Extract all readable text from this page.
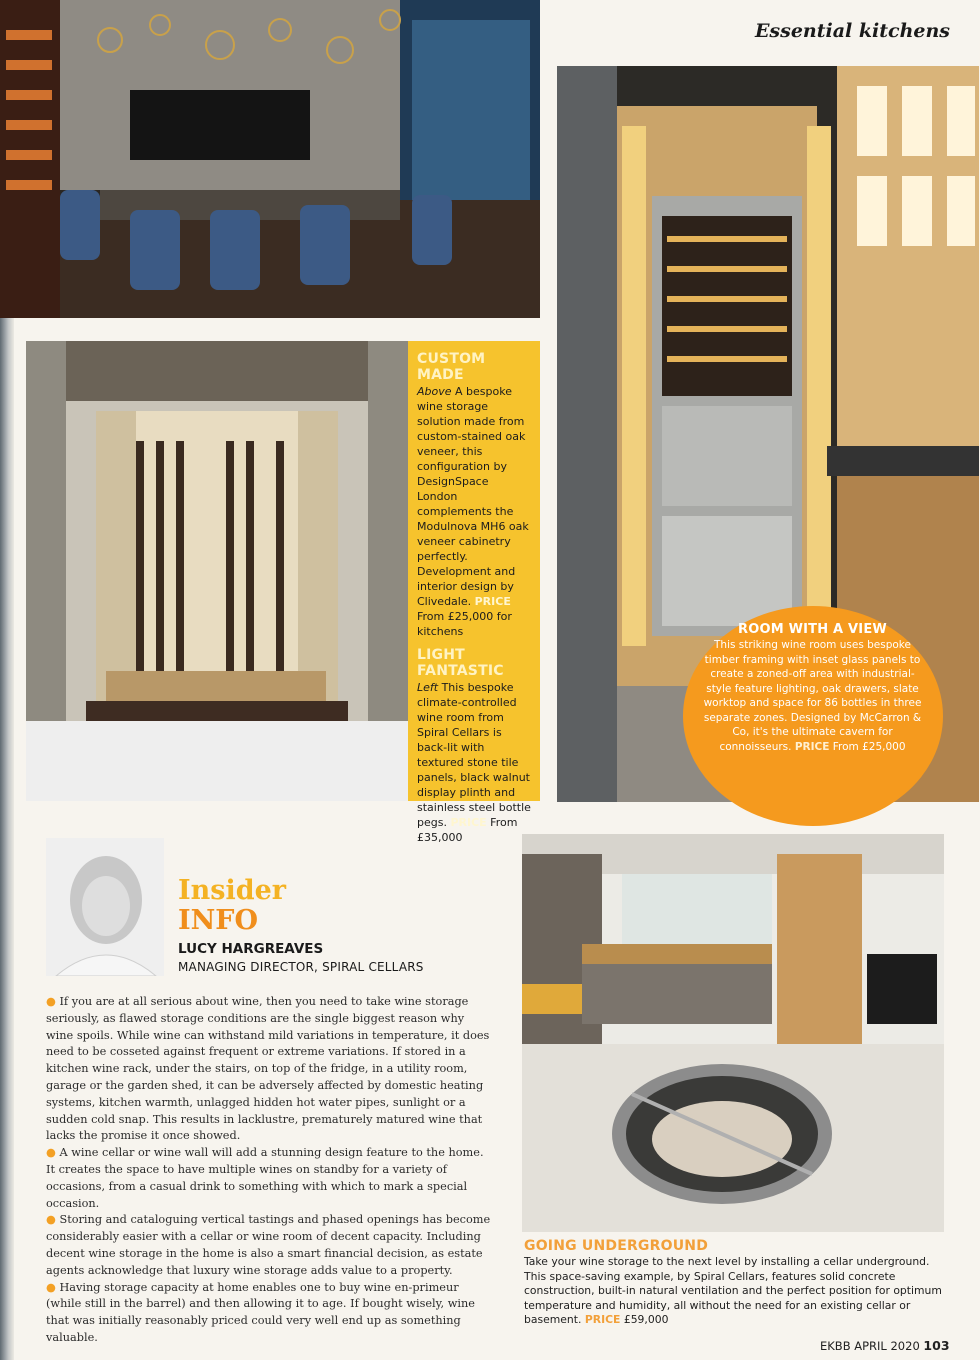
Essential kitchens
CUSTOM MADE
Above A bespoke wine storage solution made from custom-stained oak veneer, this configuration by DesignSpace London complements the Modulnova MH6 oak veneer cabinetry perfectly. Development and interior design by Clivedale. PRICE From £25,000 for kitchens
LIGHT FANTASTIC
Left This bespoke climate-controlled wine room from Spiral Cellars is back-lit with textured stone tile panels, black walnut display plinth and stainless steel bottle pegs. PRICE From £35,000
ROOM WITH A VIEW
This striking wine room uses bespoke timber framing with inset glass panels to create a zoned-off area with industrial-style feature lighting, oak drawers, slate worktop and space for 86 bottles in three separate zones. Designed by McCarron & Co, it's the ultimate cavern for connoisseurs. PRICE From £25,000
Insider
INFO
LUCY HARGREAVES
MANAGING DIRECTOR, SPIRAL CELLARS

● If you are at all serious about wine, then you need to take wine storage seriously, as flawed storage conditions are the single biggest reason why wine spoils. While wine can withstand mild variations in temperature, it does need to be cosseted against frequent or extreme variations. If stored in a kitchen wine rack, under the stairs, on top of the fridge, in a utility room, garage or the garden shed, it can be adversely affected by domestic heating systems, kitchen warmth, unlagged hidden hot water pipes, sunlight or a sudden cold snap. This results in lacklustre, prematurely matured wine that lacks the promise it once showed.

● A wine cellar or wine wall will add a stunning design feature to the home. It creates the space to have multiple wines on standby for a variety of occasions, from a casual drink to something with which to mark a special occasion.

● Storing and cataloguing vertical tastings and phased openings has become considerably easier with a cellar or wine room of decent capacity. Including decent wine storage in the home is also a smart financial decision, as estate agents acknowledge that luxury wine storage adds value to a property.

● Having storage capacity at home enables one to buy wine en-primeur (while still in the barrel) and then allowing it to age. If bought wisely, wine that was initially reasonably priced could very well end up as something valuable.

GOING UNDERGROUND
Take your wine storage to the next level by installing a cellar underground. This space-saving example, by Spiral Cellars, features solid concrete construction, built-in natural ventilation and the perfect position for optimum temperature and humidity, all without the need for an existing cellar or basement. PRICE £59,000
EKBB APRIL 2020 103
